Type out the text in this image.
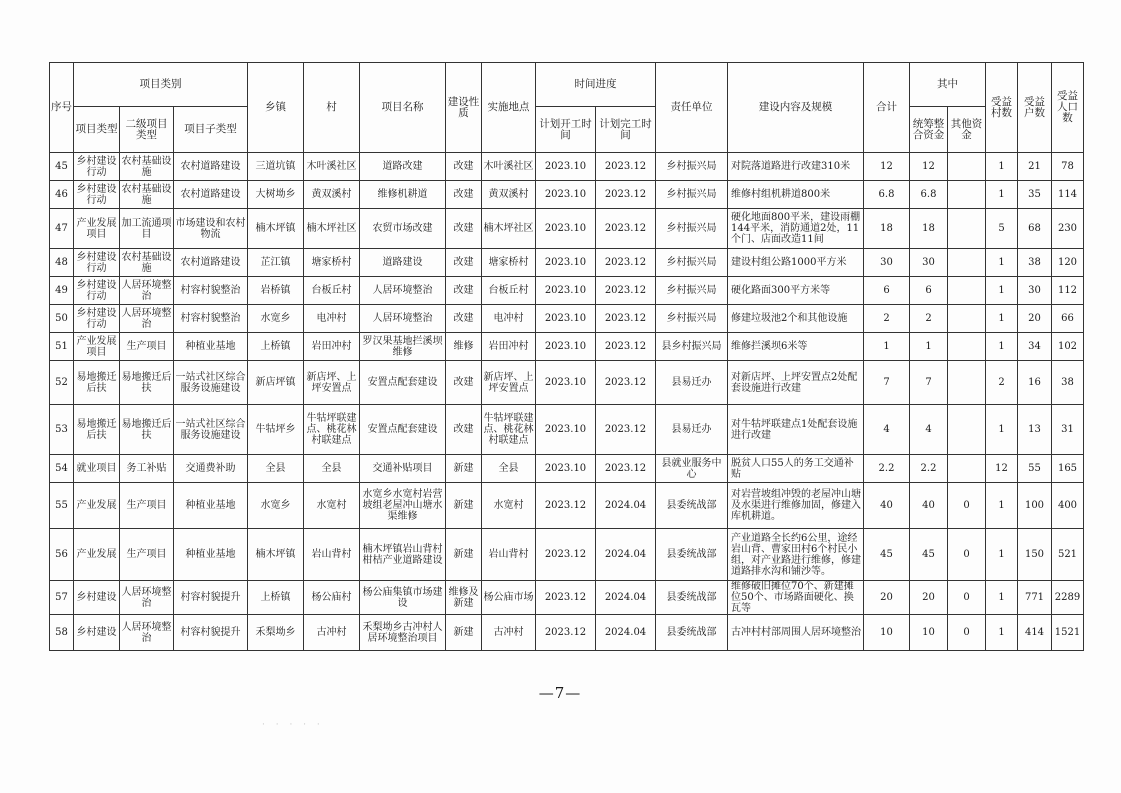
序号	项目类别			乡镇	村	项目名称	建设性质	实施地点	时间进度		责任单位	建设内容及规模	合计	其中		受益村数	受益户数	受益人口数
	项目类型	二级项目类型	项目子类型						计划开工时间	计划完工时间				统筹整合资金	其他资金			
45	乡村建设行动	农村基础设施	农村道路建设	三道坑镇	木叶溪社区	道路改建	改建	木叶溪社区	2023.10	2023.12	乡村振兴局	对院落道路进行改建310米	12	12		1	21	78
46	乡村建设行动	农村基础设施	农村道路建设	大树坳乡	黄双溪村	维修机耕道	改建	黄双溪村	2023.10	2023.12	乡村振兴局	维修村组机耕道800米	6.8	6.8		1	35	114
47	产业发展项目	加工流通项目	市场建设和农村物流	楠木坪镇	楠木坪社区	农贸市场改建	改建	楠木坪社区	2023.10	2023.12	乡村振兴局	硬化地面800平米，建设雨棚144平米，消防通道2处，11个门、店面改造11间	18	18		5	68	230
48	乡村建设行动	农村基础设施	农村道路建设	芷江镇	塘家桥村	道路建设	改建	塘家桥村	2023.10	2023.12	乡村振兴局	建设村组公路1000平方米	30	30		1	38	120
49	乡村建设行动	人居环境整治	村容村貌整治	岩桥镇	台板丘村	人居环境整治	改建	台板丘村	2023.10	2023.12	乡村振兴局	硬化路面300平方米等	6	6		1	30	112
50	乡村建设行动	人居环境整治	村容村貌整治	水宽乡	电冲村	人居环境整治	改建	电冲村	2023.10	2023.12	乡村振兴局	修建垃圾池2个和其他设施	2	2		1	20	66
51	产业发展项目	生产项目	种植业基地	上桥镇	岩田冲村	罗汉果基地拦溪坝维修	维修	岩田冲村	2023.10	2023.12	县乡村振兴局	维修拦溪坝6米等	1	1		1	34	102
52	易地搬迁后扶	易地搬迁后扶	一站式社区综合服务设施建设	新店坪镇	新店坪、上坪安置点	安置点配套建设	改建	新店坪、上坪安置点	2023.10	2023.12	县易迁办	对新店坪、上坪安置点2处配套设施进行改建	7	7		2	16	38
53	易地搬迁后扶	易地搬迁后扶	一站式社区综合服务设施建设	牛牯坪乡	牛牯坪联建点、桃花林村联建点	安置点配套建设	改建	牛牯坪联建点、桃花林村联建点	2023.10	2023.12	县易迁办	对牛牯坪联建点1处配套设施进行改建	4	4		1	13	31
54	就业项目	务工补贴	交通费补助	全县	全县	交通补贴项目	新建	全县	2023.10	2023.12	县就业服务中心	脱贫人口55人的务工交通补贴	2.2	2.2		12	55	165
55	产业发展	生产项目	种植业基地	水宽乡	水宽村	水宽乡水宽村岩营坡组老屋冲山塘水渠维修	新建	水宽村	2023.12	2024.04	县委统战部	对岩营坡组冲毁的老屋冲山塘及水渠进行维修加固，修建入库机耕道。	40	40	0	1	100	400
56	产业发展	生产项目	种植业基地	楠木坪镇	岩山背村	楠木坪镇岩山背村柑桔产业道路建设	新建	岩山背村	2023.12	2024.04	县委统战部	产业道路全长约6公里，途经岩山背、曹家田村6个村民小组，对产业路进行维修，修建道路排水沟和铺沙等。	45	45	0	1	150	521
57	乡村建设	人居环境整治	村容村貌提升	上桥镇	杨公庙村	杨公庙集镇市场建设	维修及新建	杨公庙市场	2023.12	2024.04	县委统战部	维修破旧摊位70个、新建摊位50个、市场路面硬化、换瓦等	20	20	0	1	771	2289
58	乡村建设	人居环境整治	村容村貌提升	禾梨坳乡	古冲村	禾梨坳乡古冲村人居环境整治项目	新建	古冲村	2023.12	2024.04	县委统战部	古冲村村部周围人居环境整治	10	10	0	1	414	1521
—7—
· · · · ·
